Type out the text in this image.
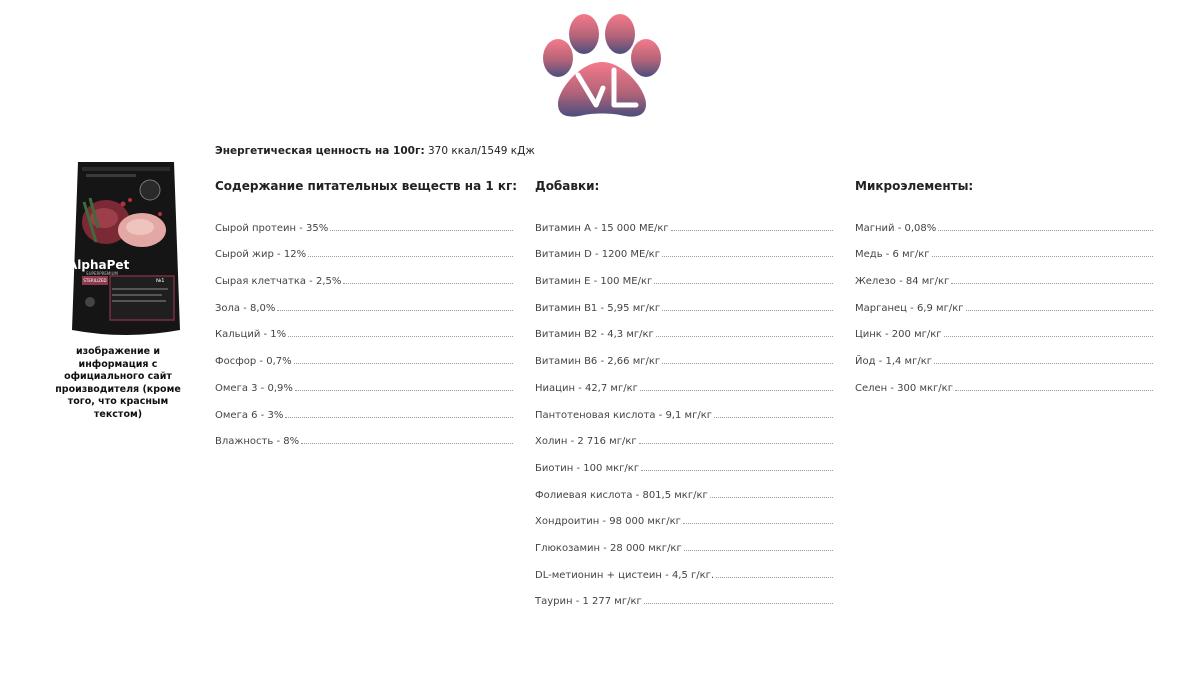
AlphaPet
SUPERPREMIUM
STERILIZED	№1
изображение и информация с официального сайт производителя (кроме того, что красным текстом)
Энергетическая ценность на 100г: 370 ккал/1549 кДж
Содержание питательных веществ на 1 кг:
Сырой протеин - 35%
Сырой жир - 12%
Сырая клетчатка - 2,5%
Зола - 8,0%
Кальций - 1%
Фосфор - 0,7%
Омега 3 - 0,9%
Омега 6 - 3%
Влажность - 8%
Добавки:
Витамин А - 15 000 МЕ/кг
Витамин D - 1200 МЕ/кг
Витамин Е - 100 МЕ/кг
Витамин В1 - 5,95 мг/кг
Витамин В2 - 4,3 мг/кг
Витамин В6 - 2,66 мг/кг
Ниацин - 42,7 мг/кг
Пантотеновая кислота - 9,1 мг/кг
Холин - 2 716 мг/кг
Биотин - 100 мкг/кг
Фолиевая кислота - 801,5 мкг/кг
Хондроитин - 98 000 мкг/кг
Глюкозамин - 28 000 мкг/кг
DL-метионин + цистеин - 4,5 г/кг.
Таурин - 1 277 мг/кг
Микроэлементы:
Магний - 0,08%
Медь - 6 мг/кг
Железо - 84 мг/кг
Марганец - 6,9 мг/кг
Цинк - 200 мг/кг
Йод - 1,4 мг/кг
Селен - 300 мкг/кг
